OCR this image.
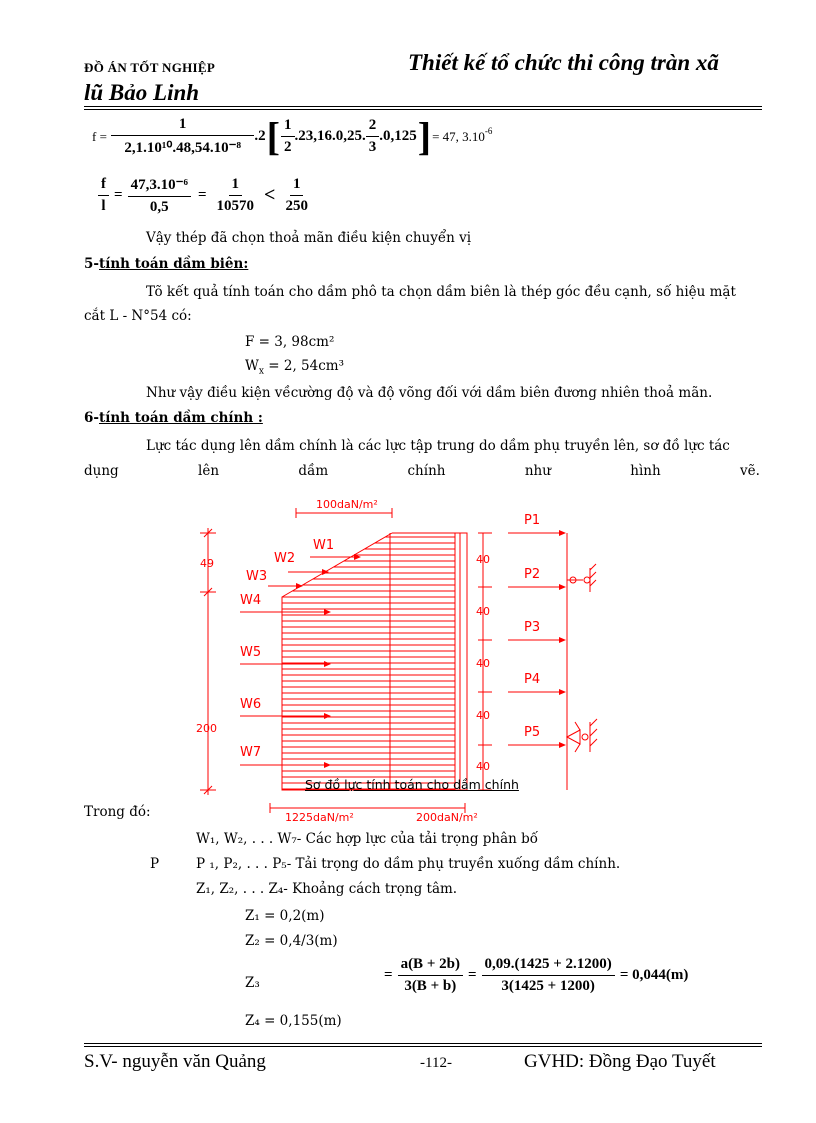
ĐỒ ÁN TỐT NGHIỆP	Thiết kế tổ chức thi công tràn xã
lũ Bảo Linh
$f = \frac{1}{\text{2,1.10¹⁰.48,54.10⁻⁸}} .2$ [ $\frac{1}{2} .23,16.0,25$. $\frac{2}{3} .0,125$ ] = 47, $3.10^{-6}$
$\frac{f}{l} = \frac{\text{47,3.10⁻⁶}}{0,5} = \frac{1}{10570} < \frac{1}{250}$
Vậy thép đã chọn thoả mãn điều kiện chuyển vị
5-tính toán dầm biên:
Tõ kết quả tính toán cho dầm phô ta chọn dầm biên là thép góc đều cạnh, số hiệu mặt
cắt L - N°54 có:
F = 3, 98cm²
$W_x = 2$, 54cm³
Như vậy điều kiện vềcường độ và độ võng đối với dầm biên đương nhiên thoả mãn.
6-tính toán dầm chính :
Lực tác dụng lên dầm chính là các lực tập trung do dầm phụ truyền lên, sơ đồ lực tác
dụng	lên	dầm	chính	như	hình	vẽ.
100daN/m²
49
200
40
40
40
40
40
W1
W2
W3
W4
W5
W6
W7
P1
P2
P3
P4
P5
1225daN/m²	200daN/m²
Sơ đồ lực tính toán cho dầm chính
Trong đó:
W₁, W₂, . . . W₇- Các hợp lực của tải trọng phân bố
P	P ₁, P₂, . . . P₅- Tải trọng do dầm phụ truyền xuống dầm chính.
Z₁, Z₂, . . . Z₄- Khoảng cách trọng tâm.
Z₁ = 0,2(m)
Z₂ = 0,4/3(m)
Z₃	= $\frac{a(B + 2b)}{3(B + b)} = \frac{0,09.(1425 + 2.1200)}{3(1425 + 1200)} = 0,044(m)$
Z₄ = 0,155(m)
S.V- nguyễn văn Quảng	-112-	GVHD: Đồng Đạo Tuyết
